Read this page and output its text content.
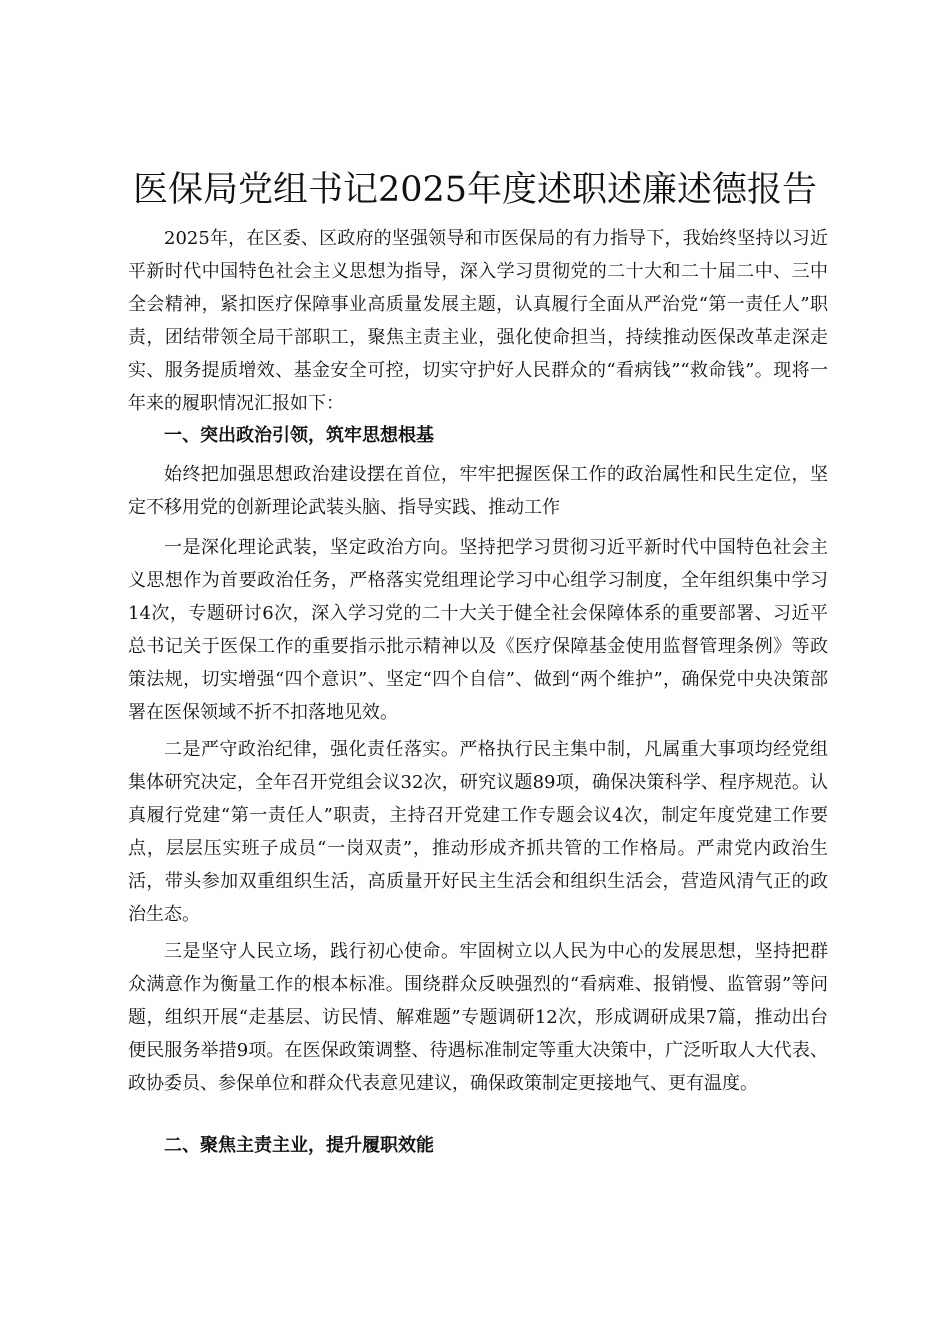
医保局党组书记2025年度述职述廉述德报告

2025年，在区委、区政府的坚强领导和市医保局的有力指导下，我始终坚持以习近平新时代中国特色社会主义思想为指导，深入学习贯彻党的二十大和二十届二中、三中全会精神，紧扣医疗保障事业高质量发展主题，认真履行全面从严治党“第一责任人”职责，团结带领全局干部职工，聚焦主责主业，强化使命担当，持续推动医保改革走深走实、服务提质增效、基金安全可控，切实守护好人民群众的“看病钱”“救命钱”。现将一年来的履职情况汇报如下：

一、突出政治引领，筑牢思想根基

始终把加强思想政治建设摆在首位，牢牢把握医保工作的政治属性和民生定位，坚定不移用党的创新理论武装头脑、指导实践、推动工作

一是深化理论武装，坚定政治方向。坚持把学习贯彻习近平新时代中国特色社会主义思想作为首要政治任务，严格落实党组理论学习中心组学习制度，全年组织集中学习14次，专题研讨6次，深入学习党的二十大关于健全社会保障体系的重要部署、习近平总书记关于医保工作的重要指示批示精神以及《医疗保障基金使用监督管理条例》等政策法规，切实增强“四个意识”、坚定“四个自信”、做到“两个维护”，确保党中央决策部署在医保领域不折不扣落地见效。

二是严守政治纪律，强化责任落实。严格执行民主集中制，凡属重大事项均经党组集体研究决定，全年召开党组会议32次，研究议题89项，确保决策科学、程序规范。认真履行党建“第一责任人”职责，主持召开党建工作专题会议4次，制定年度党建工作要点，层层压实班子成员“一岗双责”，推动形成齐抓共管的工作格局。严肃党内政治生活，带头参加双重组织生活，高质量开好民主生活会和组织生活会，营造风清气正的政治生态。

三是坚守人民立场，践行初心使命。牢固树立以人民为中心的发展思想，坚持把群众满意作为衡量工作的根本标准。围绕群众反映强烈的“看病难、报销慢、监管弱”等问题，组织开展“走基层、访民情、解难题”专题调研12次，形成调研成果7篇，推动出台便民服务举措9项。在医保政策调整、待遇标准制定等重大决策中，广泛听取人大代表、政协委员、参保单位和群众代表意见建议，确保政策制定更接地气、更有温度。

二、聚焦主责主业，提升履职效能
